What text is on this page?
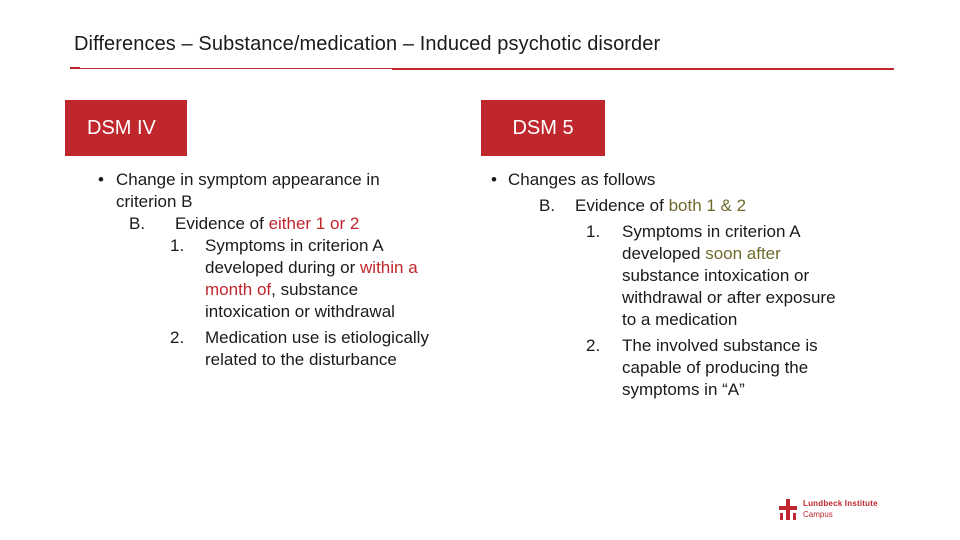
Differences – Substance/medication – Induced psychotic disorder
DSM IV	DSM 5
• Change in symptom appearance in
criterion B
B. Evidence of either 1 or 2
1. Symptoms in criterion A
developed during or within a
month of, substance
intoxication or withdrawal
2. Medication use is etiologically
related to the disturbance
• Changes as follows
B. Evidence of both 1 & 2
1. Symptoms in criterion A
developed soon after
substance intoxication or
withdrawal or after exposure
to a medication
2. The involved substance is
capable of producing the
symptoms in “A”
Lundbeck Institute
Campus
